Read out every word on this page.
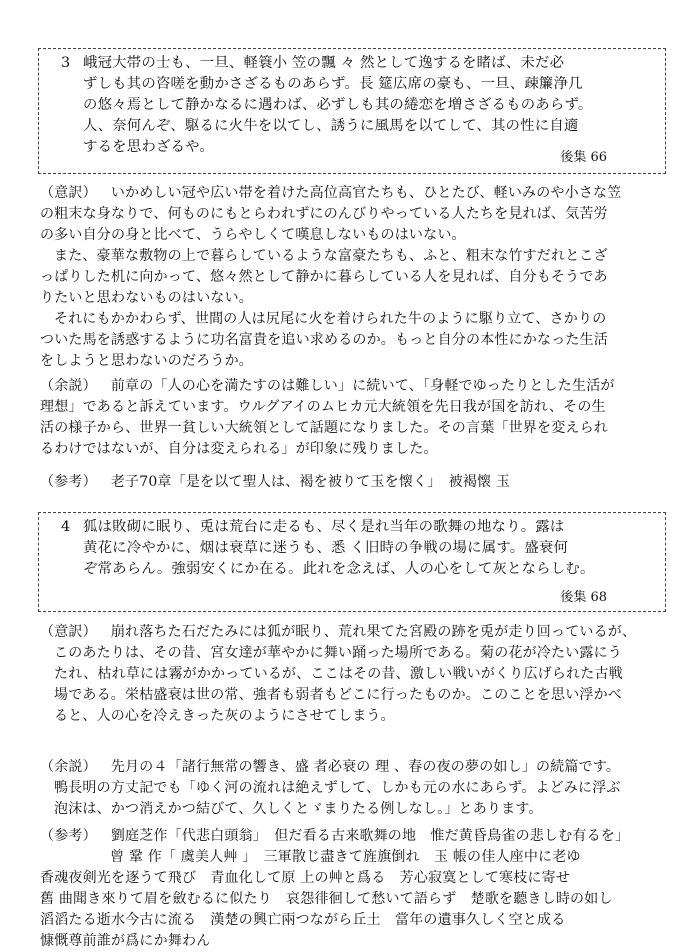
3 峨冠大帯の士も、一旦、軽簑小 笠の飄 々 然として逸するを睹ば、未だ必
ずしも其の咨嗟を動かさざるものあらず。長 筵広席の豪も、一旦、疎簾浄几
の悠々焉として静かなるに遇わば、必ずしも其の綣恋を増さざるものあらず。
人、奈何んぞ、駆るに火牛を以てし、誘うに風馬を以てして、其の性に自適
するを思わざるや。
後集 66
（意訳） いかめしい冠や広い帯を着けた高位高官たちも、ひとたび、軽いみのや小さな笠
の粗末な身なりで、何ものにもとらわれずにのんびりやっている人たちを見れば、気苦労
の多い自分の身と比べて、うらやしくて嘆息しないものはいない。
また、豪華な敷物の上で暮らしているような富豪たちも、ふと、粗末な竹すだれとこざ
っぱりした机に向かって、悠々然として静かに暮らしている人を見れば、自分もそうであ
りたいと思わないものはいない。
それにもかかわらず、世間の人は尻尾に火を着けられた牛のように駆り立て、さかりの
ついた馬を誘惑するように功名富貴を追い求めるのか。もっと自分の本性にかなった生活
をしようと思わないのだろうか。
（余説） 前章の「人の心を満たすのは難しい」に続いて、「身軽でゆったりとした生活が
理想」であると訴えています。ウルグアイのムヒカ元大統領を先日我が国を訪れ、その生
活の様子から、世界一貧しい大統領として話題になりました。その言葉「世界を変えられ
るわけではないが、自分は変えられる」が印象に残りました。
（参考） 老子70章「是を以て聖人は、褐を被りて玉を懐く」　被褐懐 玉
4 狐は敗砌に眠り、兎は荒台に走るも、尽く是れ当年の歌舞の地なり。露は
黄花に冷やかに、烟は衰草に迷うも、悉 く旧時の争戦の場に属す。盛衰何
ぞ常あらん。強弱安くにか在る。此れを念えば、人の心をして灰とならしむ。
後集 68
（意訳） 崩れ落ちた石だたみには狐が眠り、荒れ果てた宮殿の跡を兎が走り回っているが、
このあたりは、その昔、宮女達が華やかに舞い踊った場所である。菊の花が冷たい露にう
たれ、枯れ草には霧がかかっているが、ここはその昔、激しい戦いがくり広げられた古戦
場である。栄枯盛衰は世の常、強者も弱者もどこに行ったものか。このことを思い浮かべ
ると、人の心を冷えきった灰のようにさせてしまう。
（余説） 先月の４「諸行無常の響き、盛 者必衰の 理 、春の夜の夢の如し」の続篇です。
鴨長明の方丈記でも「ゆく河の流れは絶えずして、しかも元の水にあらず。よどみに浮ぶ
泡沫は、かつ消えかつ結びて、久しくとゞまりたる例しなし。」とあります。
（参考） 劉庭芝作「代悲白頭翁」　但だ看る古来歌舞の地　惟だ黄昏鳥雀の悲しむ有るを」
曾 鞏 作「 虞美人艸 」　三軍散じ盡きて旌旗倒れ　玉 帳の佳人座中に老ゆ
香魂夜剣光を逐うて飛び　青血化して原 上の艸と爲る　芳心寂寞として寒枝に寄せ
舊 曲聞き來りて眉を斂むるに似たり　哀怨徘徊して愁いて語らず　楚歌を聽きし時の如し
滔滔たる逝水今古に流る　漢楚の興亡兩つながら丘土　當年の遺事久しく空と成る
慷慨尊前誰が爲にか舞わん
